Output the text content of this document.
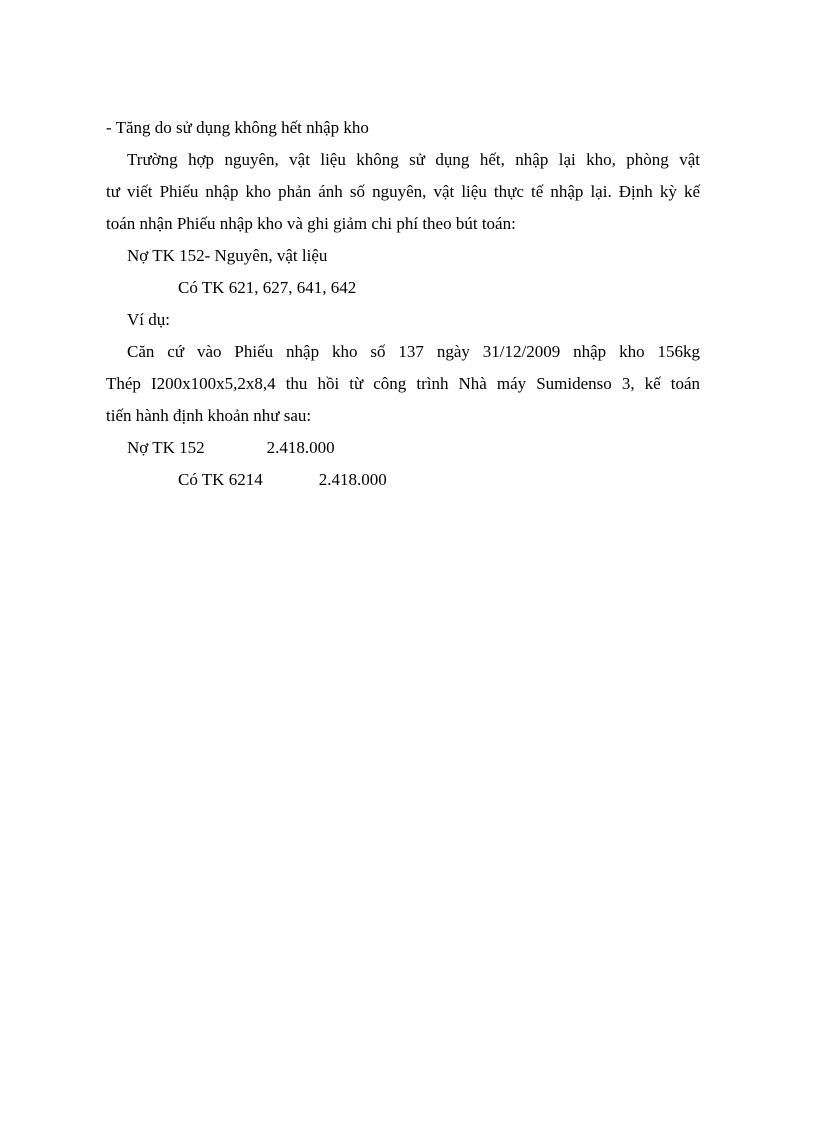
- Tăng do sử dụng không hết nhập kho
Trường hợp nguyên, vật liệu không sử dụng hết, nhập lại kho, phòng vật
tư viết Phiếu nhập kho phản ánh số nguyên, vật liệu thực tế nhập lại. Định kỳ kế
toán nhận Phiếu nhập kho và ghi giảm chi phí theo bút toán:
Nợ TK 152- Nguyên, vật liệu
Có TK 621, 627, 641, 642
Ví dụ:
Căn cứ vào Phiếu nhập kho số 137 ngày 31/12/2009 nhập kho 156kg
Thép I200x100x5,2x8,4 thu hồi từ công trình Nhà máy Sumidenso 3, kế toán
tiến hành định khoản như sau:
Nợ TK 152	2.418.000
Có TK 6214	2.418.000
